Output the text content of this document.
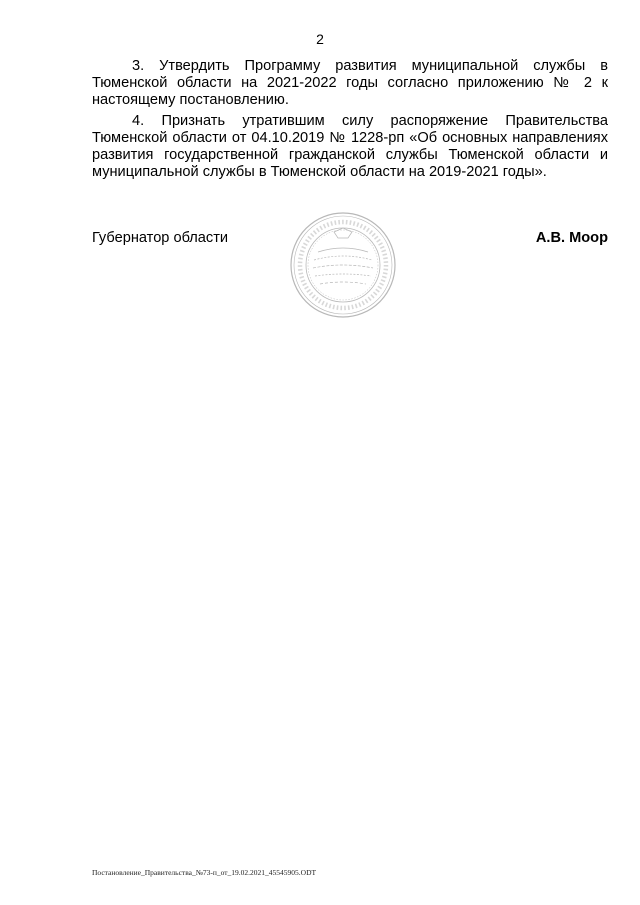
2

3. Утвердить Программу развития муниципальной службы в Тюменской области на 2021-2022 годы согласно приложению № 2 к настоящему постановлению.

4. Признать утратившим силу распоряжение Правительства Тюменской области от 04.10.2019 № 1228-рп «Об основных направлениях развития государственной гражданской службы Тюменской области и муниципальной службы в Тюменской области на 2019-2021 годы».

Губернатор области	А.В. Моор
Постановление_Правительства_№73-п_от_19.02.2021_45545905.ODT
